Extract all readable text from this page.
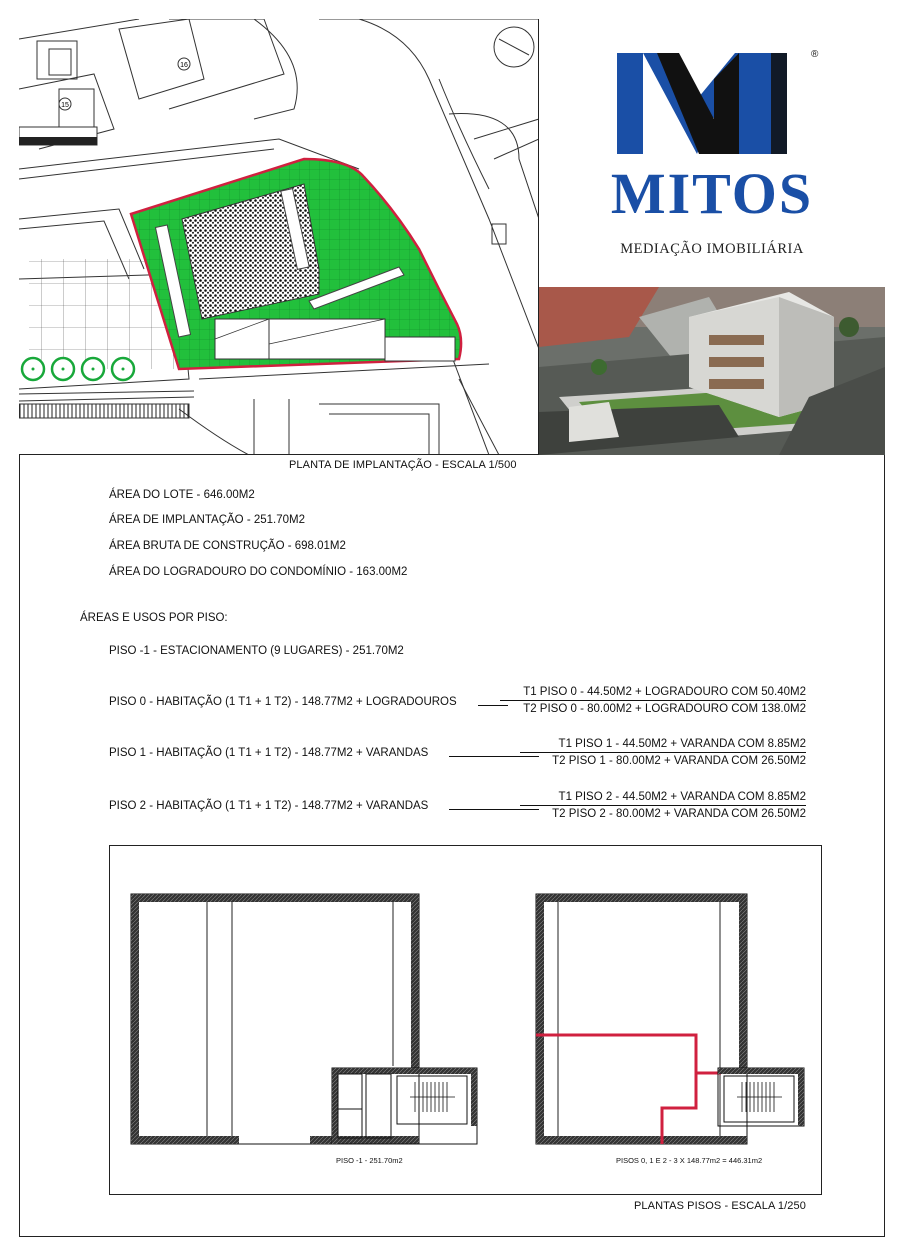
15
16
®
MITOS
MEDIAÇÃO IMOBILIÁRIA
PLANTA DE IMPLANTAÇÃO - ESCALA 1/500
ÁREA DO LOTE - 646.00M2
ÁREA DE IMPLANTAÇÃO - 251.70M2
ÁREA BRUTA DE CONSTRUÇÃO - 698.01M2
ÁREA DO LOGRADOURO DO CONDOMÍNIO - 163.00M2
ÁREAS E USOS POR PISO:
PISO -1 - ESTACIONAMENTO (9 LUGARES) - 251.70M2
PISO 0 - HABITAÇÃO (1 T1 + 1 T2) - 148.77M2 + LOGRADOUROS
T1 PISO 0 - 44.50M2 + LOGRADOURO COM 50.40M2
T2 PISO 0 - 80.00M2 + LOGRADOURO COM 138.0M2
PISO 1 - HABITAÇÃO (1 T1 + 1 T2) - 148.77M2 + VARANDAS
T1 PISO 1 - 44.50M2 + VARANDA COM 8.85M2
T2 PISO 1 - 80.00M2 + VARANDA COM 26.50M2
PISO 2 - HABITAÇÃO (1 T1 + 1 T2) - 148.77M2 + VARANDAS
T1 PISO 2 - 44.50M2 + VARANDA COM 8.85M2
T2 PISO 2 - 80.00M2 + VARANDA COM 26.50M2
PISO -1 - 251.70m2	PISOS 0, 1 E 2 - 3 X 148.77m2 = 446.31m2
PLANTAS PISOS - ESCALA 1/250
